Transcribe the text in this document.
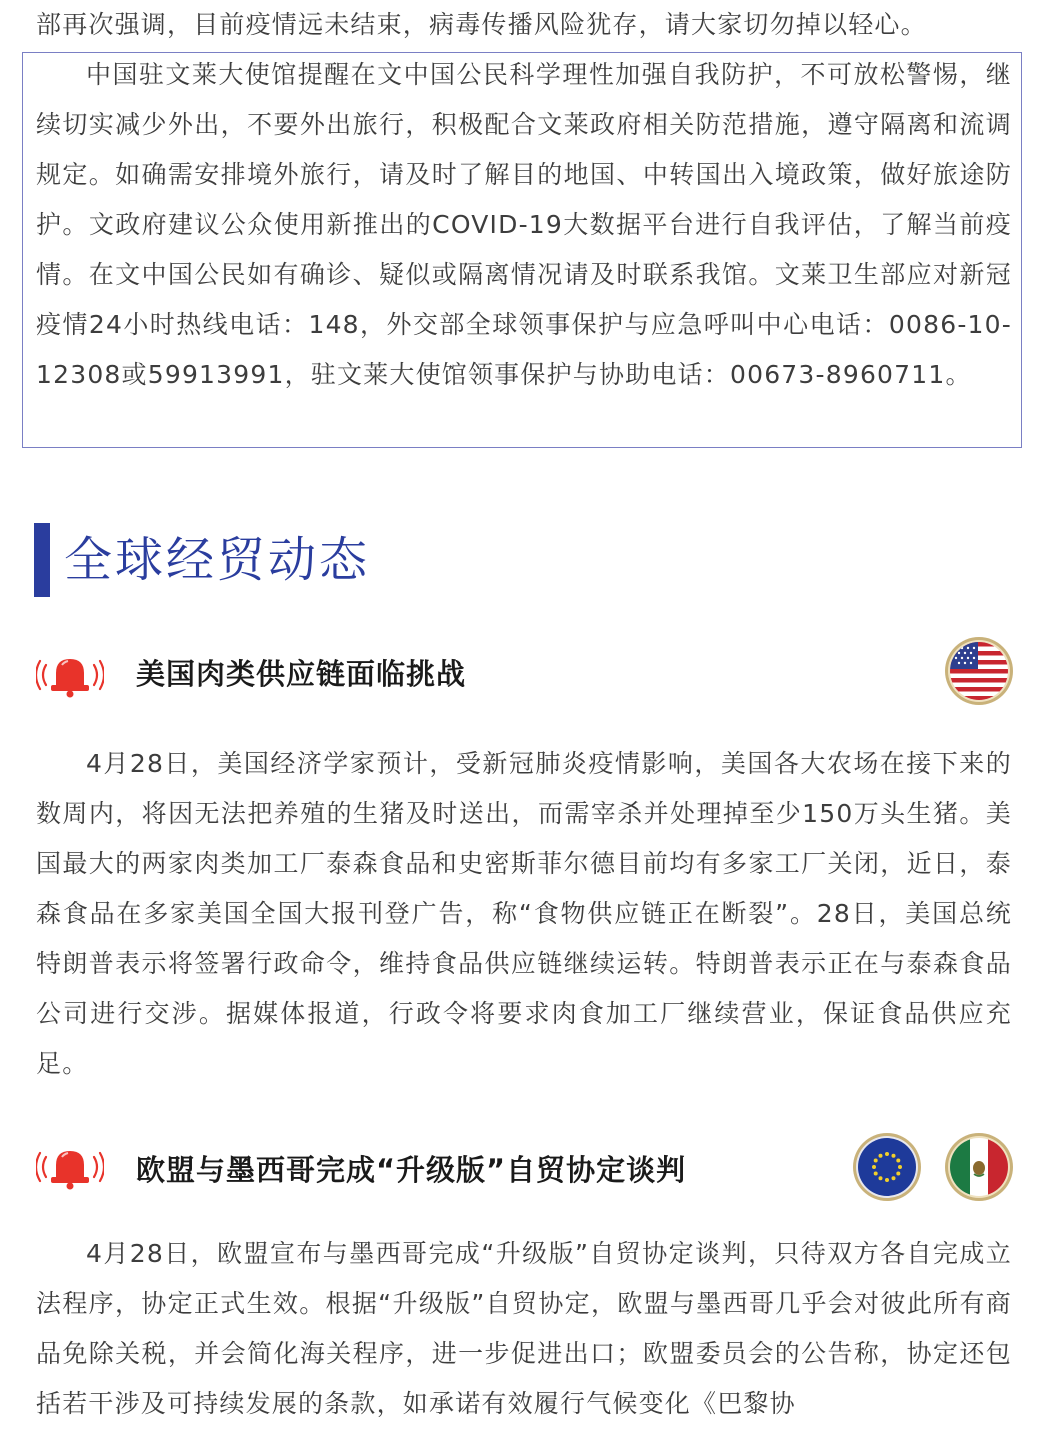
部再次强调，目前疫情远未结束，病毒传播风险犹存，请大家切勿掉以轻心。

中国驻文莱大使馆提醒在文中国公民科学理性加强自我防护，不可放松警惕，继续切实减少外出，不要外出旅行，积极配合文莱政府相关防范措施，遵守隔离和流调规定。如确需安排境外旅行，请及时了解目的地国、中转国出入境政策，做好旅途防护。文政府建议公众使用新推出的COVID-19大数据平台进行自我评估，了解当前疫情。在文中国公民如有确诊、疑似或隔离情况请及时联系我馆。文莱卫生部应对新冠疫情24小时热线电话：148，外交部全球领事保护与应急呼叫中心电话：0086-10-12308或59913991，驻文莱大使馆领事保护与协助电话：00673-8960711。

全球经贸动态
美国肉类供应链面临挑战

4月28日，美国经济学家预计，受新冠肺炎疫情影响，美国各大农场在接下来的数周内，将因无法把养殖的生猪及时送出，而需宰杀并处理掉至少150万头生猪。美国最大的两家肉类加工厂泰森食品和史密斯菲尔德目前均有多家工厂关闭，近日，泰森食品在多家美国全国大报刊登广告，称“食物供应链正在断裂”。28日，美国总统特朗普表示将签署行政命令，维持食品供应链继续运转。特朗普表示正在与泰森食品公司进行交涉。据媒体报道，行政令将要求肉食加工厂继续营业，保证食品供应充足。

欧盟与墨西哥完成“升级版”自贸协定谈判

4月28日，欧盟宣布与墨西哥完成“升级版”自贸协定谈判，只待双方各自完成立法程序，协定正式生效。根据“升级版”自贸协定，欧盟与墨西哥几乎会对彼此所有商品免除关税，并会简化海关程序，进一步促进出口；欧盟委员会的公告称，协定还包括若干涉及可持续发展的条款，如承诺有效履行气候变化《巴黎协
